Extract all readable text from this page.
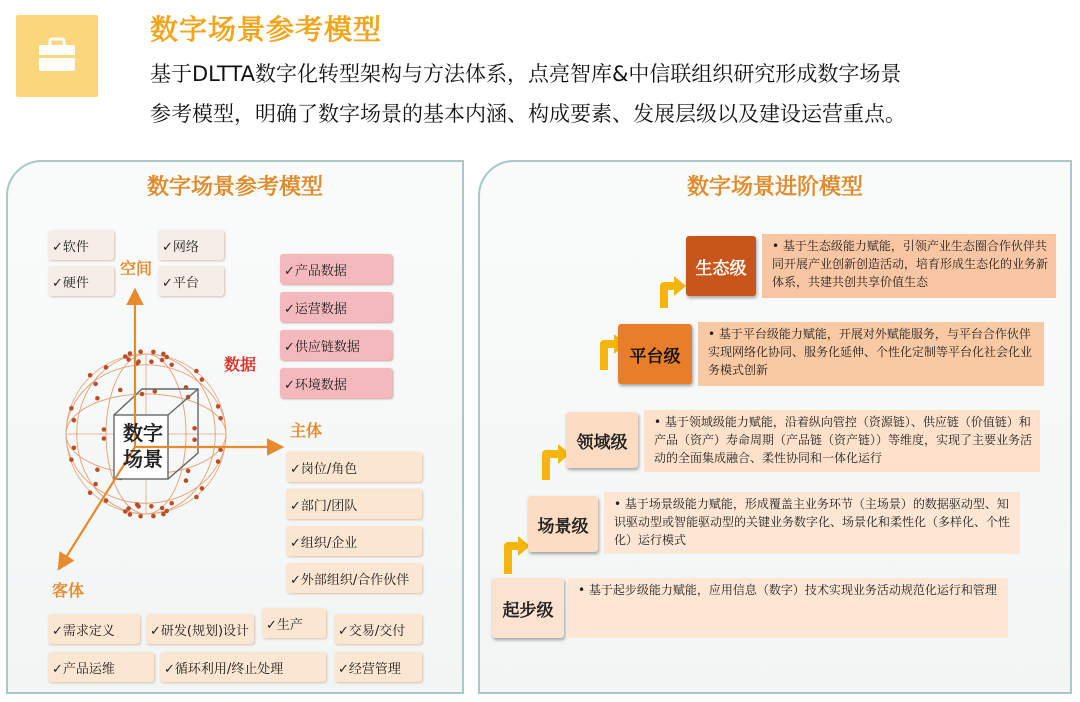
数字场景参考模型
基于DLTTA数字化转型架构与方法体系，点亮智库&中信联组织研究形成数字场景
参考模型，明确了数字场景的基本内涵、构成要素、发展层级以及建设运营重点。
数字场景参考模型
数字
场景
空间
数据
主体
客体
✓软件	✓网络
✓硬件	✓平台
✓产品数据
✓运营数据
✓供应链数据
✓环境数据
✓岗位/角色
✓部门/团队
✓组织/企业
✓外部组织/合作伙伴
✓需求定义	✓研发(规划)设计	✓生产	✓交易/交付
✓产品运维	✓循环利用/终止处理	✓经营管理
数字场景进阶模型
起步级
• 基于起步级能力赋能，应用信息（数字）技术实现业务活动规范化运行和管理
场景级
• 基于场景级能力赋能，形成覆盖主业务环节（主场景）的数据驱动型、知识驱动型或智能驱动型的关键业务数字化、场景化和柔性化（多样化、个性化）运行模式
领域级
• 基于领域级能力赋能，沿着纵向管控（资源链）、供应链（价值链）和产品（资产）寿命周期（产品链（资产链））等维度，实现了主要业务活动的全面集成融合、柔性协同和一体化运行
平台级
• 基于平台级能力赋能，开展对外赋能服务，与平台合作伙伴实现网络化协同、服务化延伸、个性化定制等平台化社会化业务模式创新
生态级
• 基于生态级能力赋能，引领产业生态圈合作伙伴共同开展产业创新创造活动，培育形成生态化的业务新体系，共建共创共享价值生态
